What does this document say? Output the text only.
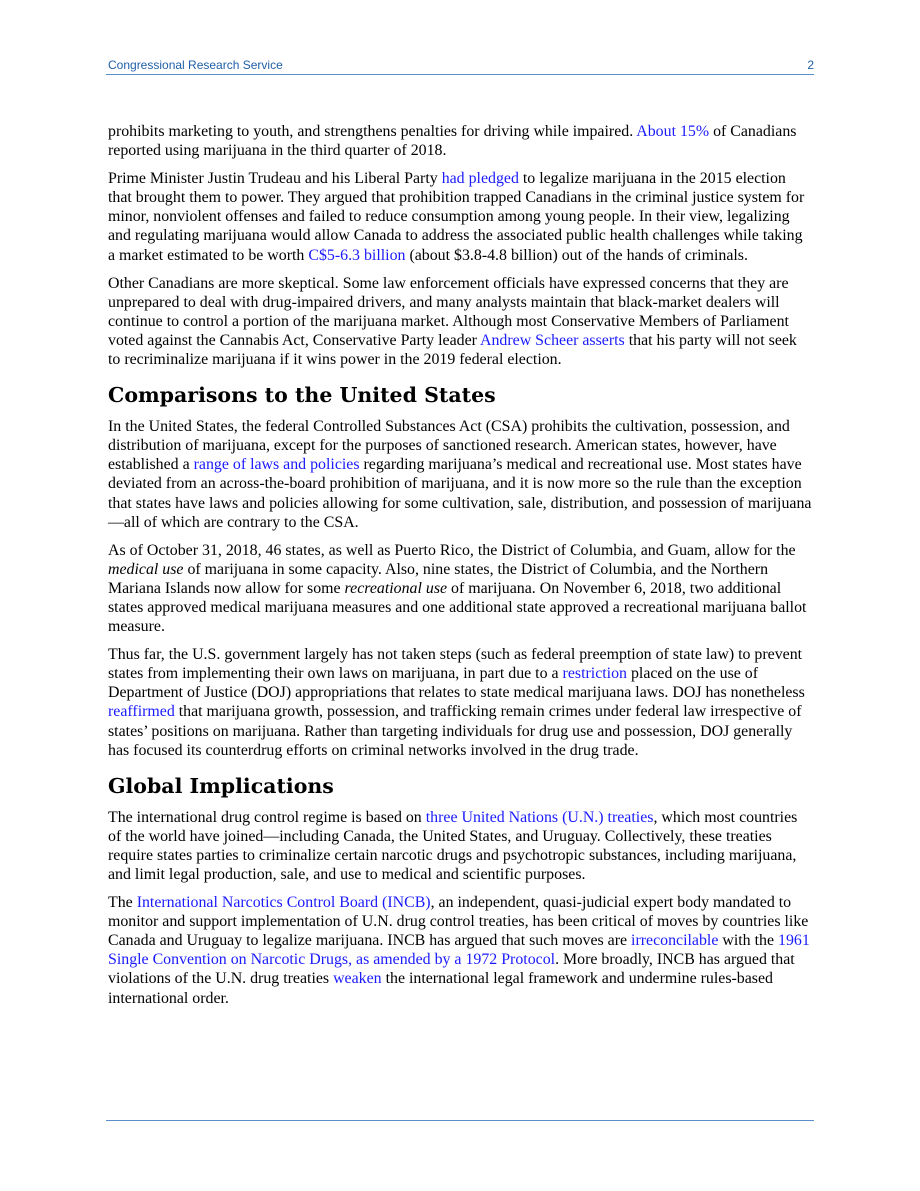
Congressional Research Service	2

prohibits marketing to youth, and strengthens penalties for driving while impaired. About 15% of Canadians reported using marijuana in the third quarter of 2018.

Prime Minister Justin Trudeau and his Liberal Party had pledged to legalize marijuana in the 2015 election that brought them to power. They argued that prohibition trapped Canadians in the criminal justice system for minor, nonviolent offenses and failed to reduce consumption among young people. In their view, legalizing and regulating marijuana would allow Canada to address the associated public health challenges while taking a market estimated to be worth C$5-6.3 billion (about $3.8-4.8 billion) out of the hands of criminals.

Other Canadians are more skeptical. Some law enforcement officials have expressed concerns that they are unprepared to deal with drug-impaired drivers, and many analysts maintain that black-market dealers will continue to control a portion of the marijuana market. Although most Conservative Members of Parliament voted against the Cannabis Act, Conservative Party leader Andrew Scheer asserts that his party will not seek to recriminalize marijuana if it wins power in the 2019 federal election.

Comparisons to the United States

In the United States, the federal Controlled Substances Act (CSA) prohibits the cultivation, possession, and distribution of marijuana, except for the purposes of sanctioned research. American states, however, have established a range of laws and policies regarding marijuana’s medical and recreational use. Most states have deviated from an across-the-board prohibition of marijuana, and it is now more so the rule than the exception that states have laws and policies allowing for some cultivation, sale, distribution, and possession of marijuana—all of which are contrary to the CSA.

As of October 31, 2018, 46 states, as well as Puerto Rico, the District of Columbia, and Guam, allow for the medical use of marijuana in some capacity. Also, nine states, the District of Columbia, and the Northern Mariana Islands now allow for some recreational use of marijuana. On November 6, 2018, two additional states approved medical marijuana measures and one additional state approved a recreational marijuana ballot measure.

Thus far, the U.S. government largely has not taken steps (such as federal preemption of state law) to prevent states from implementing their own laws on marijuana, in part due to a restriction placed on the use of Department of Justice (DOJ) appropriations that relates to state medical marijuana laws. DOJ has nonetheless reaffirmed that marijuana growth, possession, and trafficking remain crimes under federal law irrespective of states’ positions on marijuana. Rather than targeting individuals for drug use and possession, DOJ generally has focused its counterdrug efforts on criminal networks involved in the drug trade.

Global Implications

The international drug control regime is based on three United Nations (U.N.) treaties, which most countries of the world have joined—including Canada, the United States, and Uruguay. Collectively, these treaties require states parties to criminalize certain narcotic drugs and psychotropic substances, including marijuana, and limit legal production, sale, and use to medical and scientific purposes.

The International Narcotics Control Board (INCB), an independent, quasi-judicial expert body mandated to monitor and support implementation of U.N. drug control treaties, has been critical of moves by countries like Canada and Uruguay to legalize marijuana. INCB has argued that such moves are irreconcilable with the 1961 Single Convention on Narcotic Drugs, as amended by a 1972 Protocol. More broadly, INCB has argued that violations of the U.N. drug treaties weaken the international legal framework and undermine rules-based international order.
